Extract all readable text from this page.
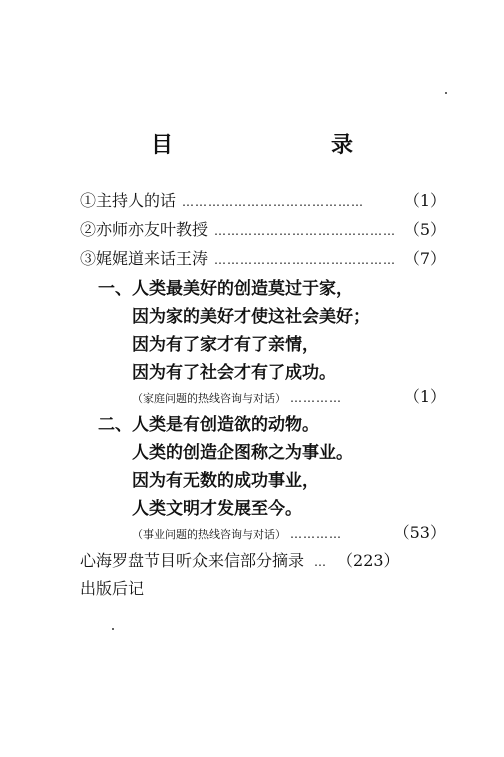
目　录
①主持人的话 ……………………………………	（1）
②亦师亦友叶教授 …………………………………… （5）
③娓娓道来话王涛 …………………………………… （7）
一、人类最美好的创造莫过于家，
因为家的美好才使这社会美好；
因为有了家才有了亲情，
因为有了社会才有了成功。
（家庭问题的热线咨询与对话） …………	（1）
二、人类是有创造欲的动物。
人类的创造企图称之为事业。
因为有无数的成功事业，
人类文明才发展至今。
（事业问题的热线咨询与对话） …………	（53）
心海罗盘节目听众来信部分摘录 … （223）
出版后记
